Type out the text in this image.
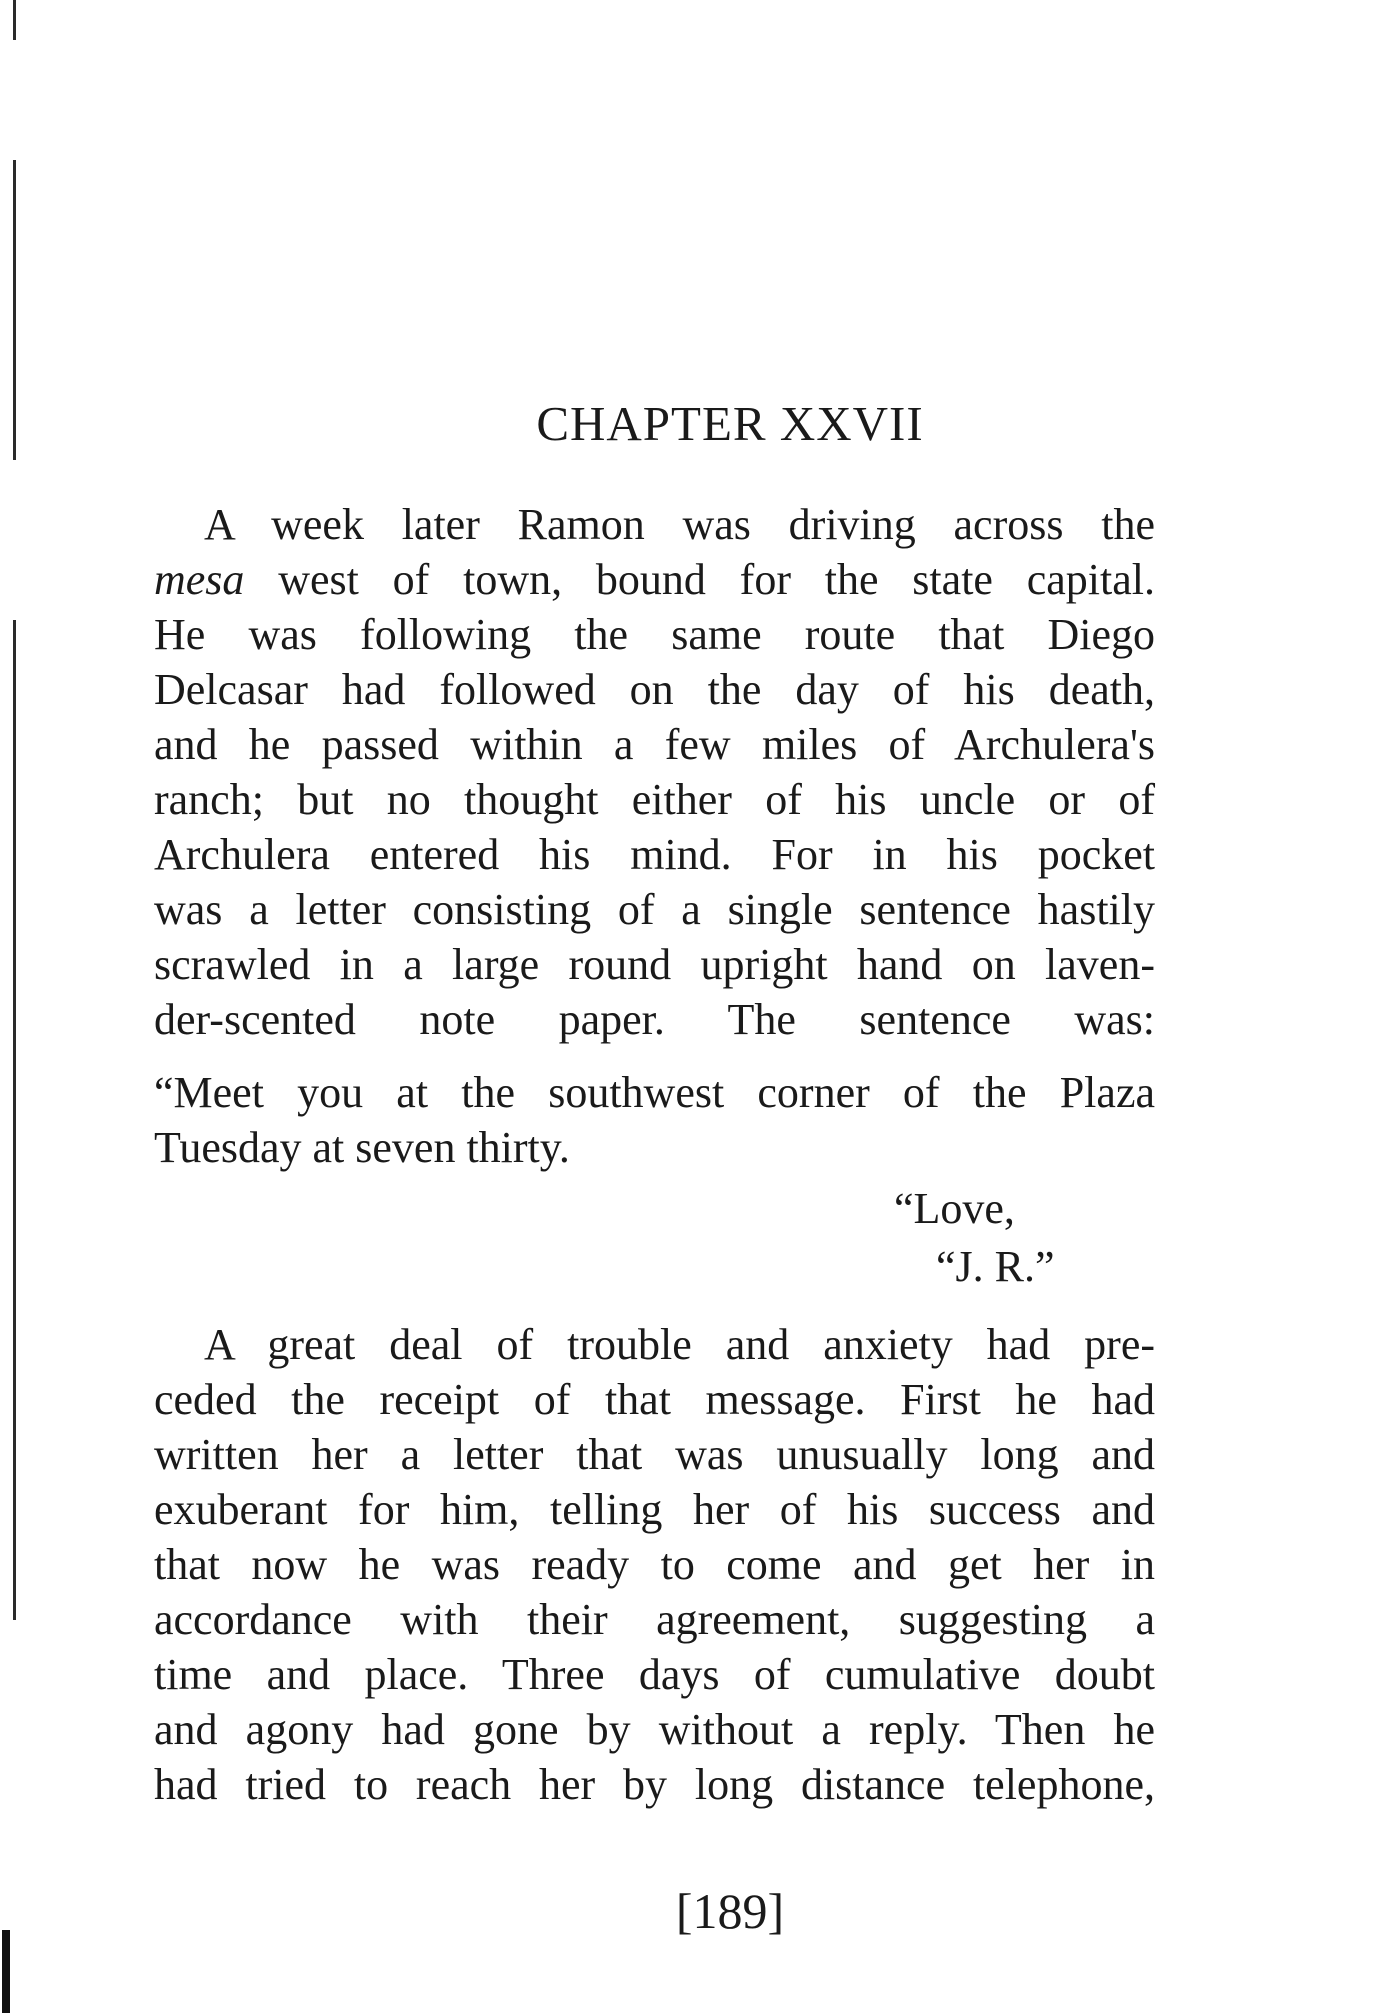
CHAPTER XXVII
A week later Ramon was driving across the
mesa west of town, bound for the state capital.
He was following the same route that Diego
Delcasar had followed on the day of his death,
and he passed within a few miles of Archulera's
ranch; but no thought either of his uncle or of
Archulera entered his mind. For in his pocket
was a letter consisting of a single sentence hastily
scrawled in a large round upright hand on laven-
der-scented note paper. The sentence was:
“Meet you at the southwest corner of the Plaza
Tuesday at seven thirty.
“Love,
“J. R.”
A great deal of trouble and anxiety had pre-
ceded the receipt of that message. First he had
written her a letter that was unusually long and
exuberant for him, telling her of his success and
that now he was ready to come and get her in
accordance with their agreement, suggesting a
time and place. Three days of cumulative doubt
and agony had gone by without a reply. Then he
had tried to reach her by long distance telephone,
[189]
